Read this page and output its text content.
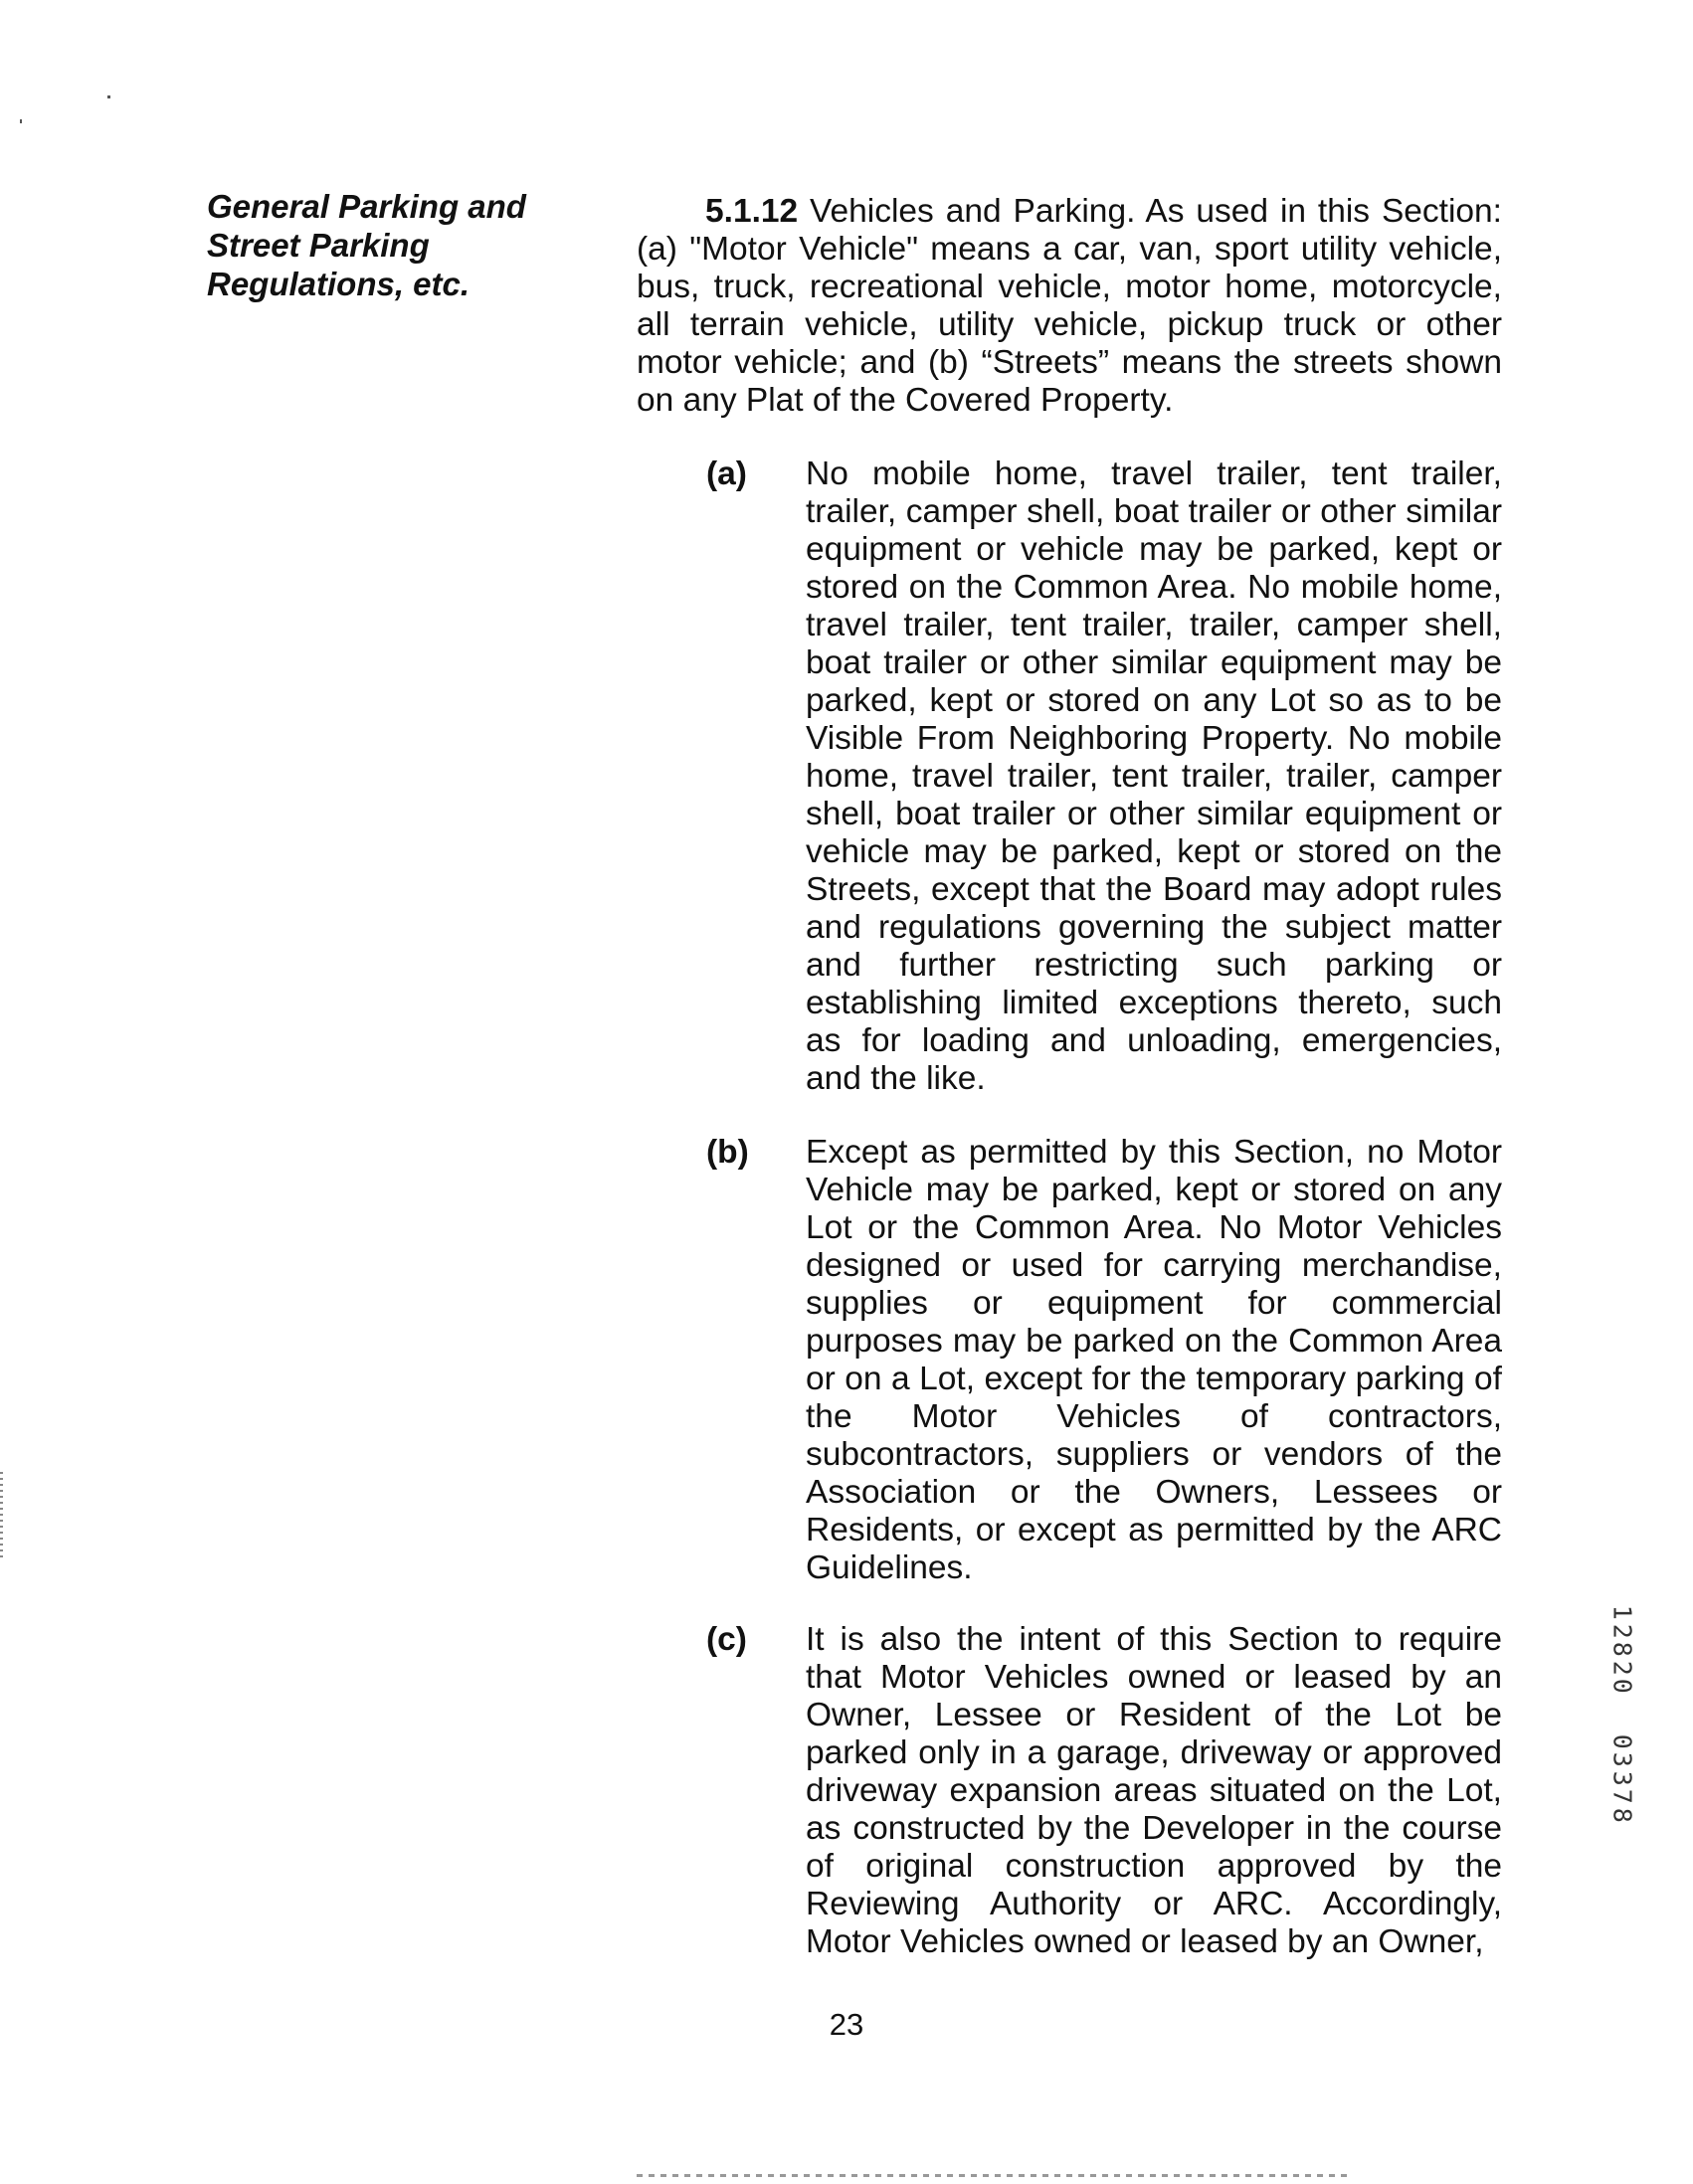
General Parking and
Street Parking
Regulations, etc.
5.1.12 Vehicles and Parking. As used in this Section: (a) "Motor Vehicle" means a car, van, sport utility vehicle, bus, truck, recreational vehicle, motor home, motorcycle, all terrain vehicle, utility vehicle, pickup truck or other motor vehicle; and (b) “Streets” means the streets shown on any Plat of the Covered Property.
(a) No mobile home, travel trailer, tent trailer, trailer, camper shell, boat trailer or other similar equipment or vehicle may be parked, kept or stored on the Common Area. No mobile home, travel trailer, tent trailer, trailer, camper shell, boat trailer or other similar equipment may be parked, kept or stored on any Lot so as to be Visible From Neighboring Property. No mobile home, travel trailer, tent trailer, trailer, camper shell, boat trailer or other similar equipment or vehicle may be parked, kept or stored on the Streets, except that the Board may adopt rules and regulations governing the subject matter and further restricting such parking or establishing limited exceptions thereto, such as for loading and unloading, emergencies, and the like.
(b) Except as permitted by this Section, no Motor Vehicle may be parked, kept or stored on any Lot or the Common Area. No Motor Vehicles designed or used for carrying merchandise, supplies or equipment for commercial purposes may be parked on the Common Area or on a Lot, except for the temporary parking of the Motor Vehicles of contractors, subcontractors, suppliers or vendors of the Association or the Owners, Lessees or Residents, or except as permitted by the ARC Guidelines.
(c) It is also the intent of this Section to require that Motor Vehicles owned or leased by an Owner, Lessee or Resident of the Lot be parked only in a garage, driveway or approved driveway expansion areas situated on the Lot, as constructed by the Developer in the course of original construction approved by the Reviewing Authority or ARC. Accordingly, Motor Vehicles owned or leased by an Owner,
23
1
2
8
2
0

0
3
3
7
8
